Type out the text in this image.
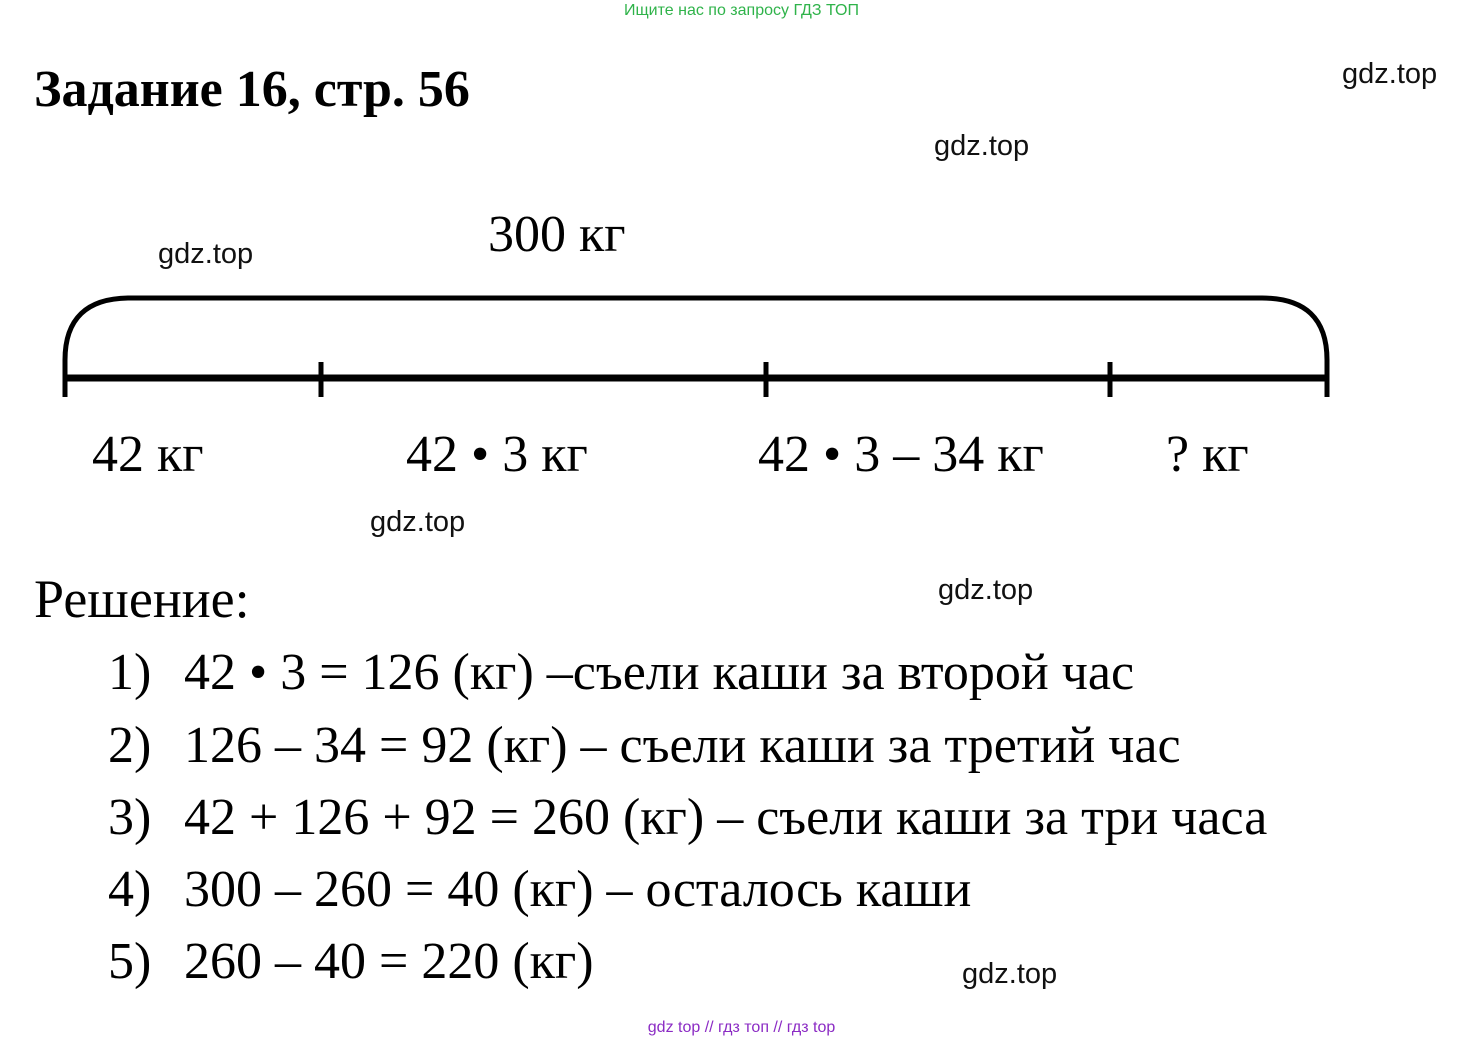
Ищите нас по запросу ГДЗ ТОП
Задание 16, стр. 56	gdz.top
gdz.top
gdz.top
gdz.top
gdz.top
gdz.top
300 кг
42 кг	42 • 3 кг	42 • 3 – 34 кг ? кг
Решение:
1) 42 • 3 = 126 (кг) –съели каши за второй час
2) 126 – 34 = 92 (кг) – съели каши за третий час
3) 42 + 126 + 92 = 260 (кг) – съели каши за три часа
4) 300 – 260 = 40 (кг) – осталось каши
5) 260 – 40 = 220 (кг)
gdz top // гдз топ // гдз top
